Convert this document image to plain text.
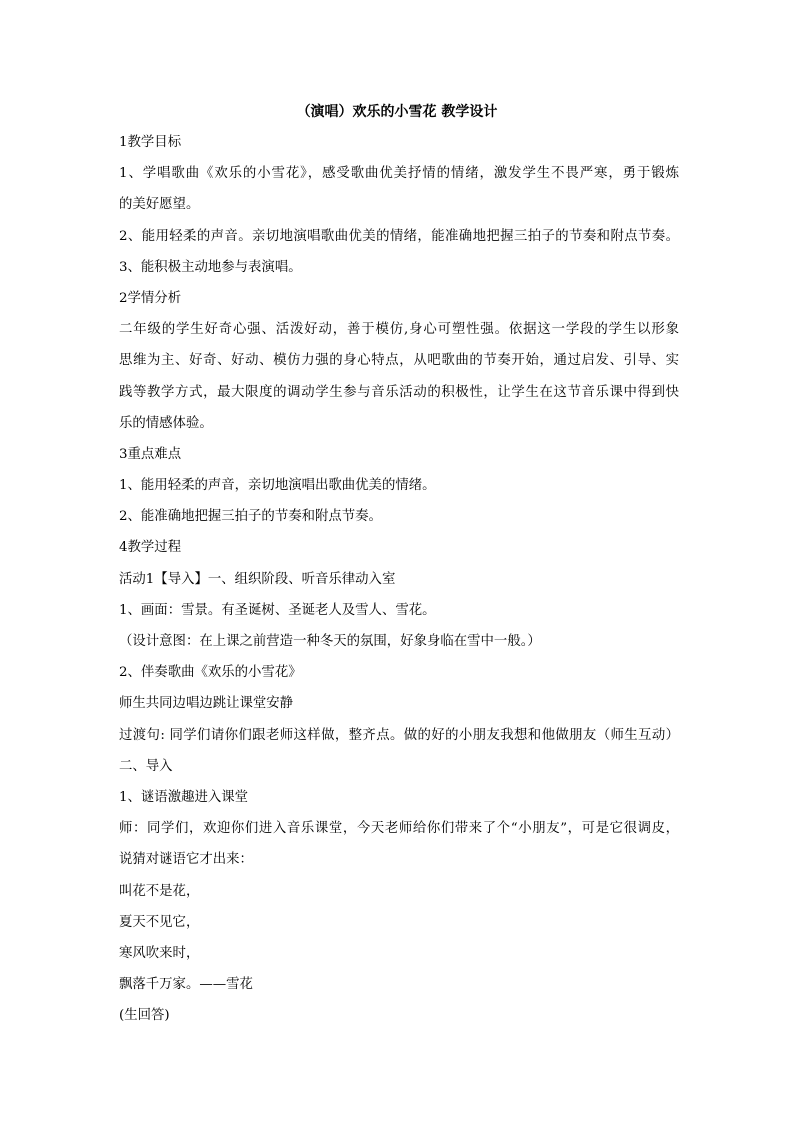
（演唱）欢乐的小雪花 教学设计
1教学目标
1、学唱歌曲《欢乐的小雪花》，感受歌曲优美抒情的情绪，激发学生不畏严寒，勇于锻炼
的美好愿望。
2、能用轻柔的声音。亲切地演唱歌曲优美的情绪，能准确地把握三拍子的节奏和附点节奏。
3、能积极主动地参与表演唱。
2学情分析
二年级的学生好奇心强、活泼好动，善于模仿,身心可塑性强。依据这一学段的学生以形象
思维为主、好奇、好动、模仿力强的身心特点，从吧歌曲的节奏开始，通过启发、引导、实
践等教学方式，最大限度的调动学生参与音乐活动的积极性，让学生在这节音乐课中得到快
乐的情感体验。
3重点难点
1、能用轻柔的声音，亲切地演唱出歌曲优美的情绪。
2、能准确地把握三拍子的节奏和附点节奏。
4教学过程
活动1【导入】一、组织阶段、听音乐律动入室
1、画面：雪景。有圣诞树、圣诞老人及雪人、雪花。
（设计意图：在上课之前营造一种冬天的氛围，好象身临在雪中一般。）
2、伴奏歌曲《欢乐的小雪花》
师生共同边唱边跳让课堂安静
过渡句: 同学们请你们跟老师这样做，整齐点。做的好的小朋友我想和他做朋友（师生互动）
二、导入
1、谜语激趣进入课堂
师：同学们，欢迎你们进入音乐课堂，今天老师给你们带来了个“小朋友”，可是它很调皮，
说猜对谜语它才出来：
叫花不是花，
夏天不见它，
寒风吹来时，
飘落千万家。——雪花
(生回答)
